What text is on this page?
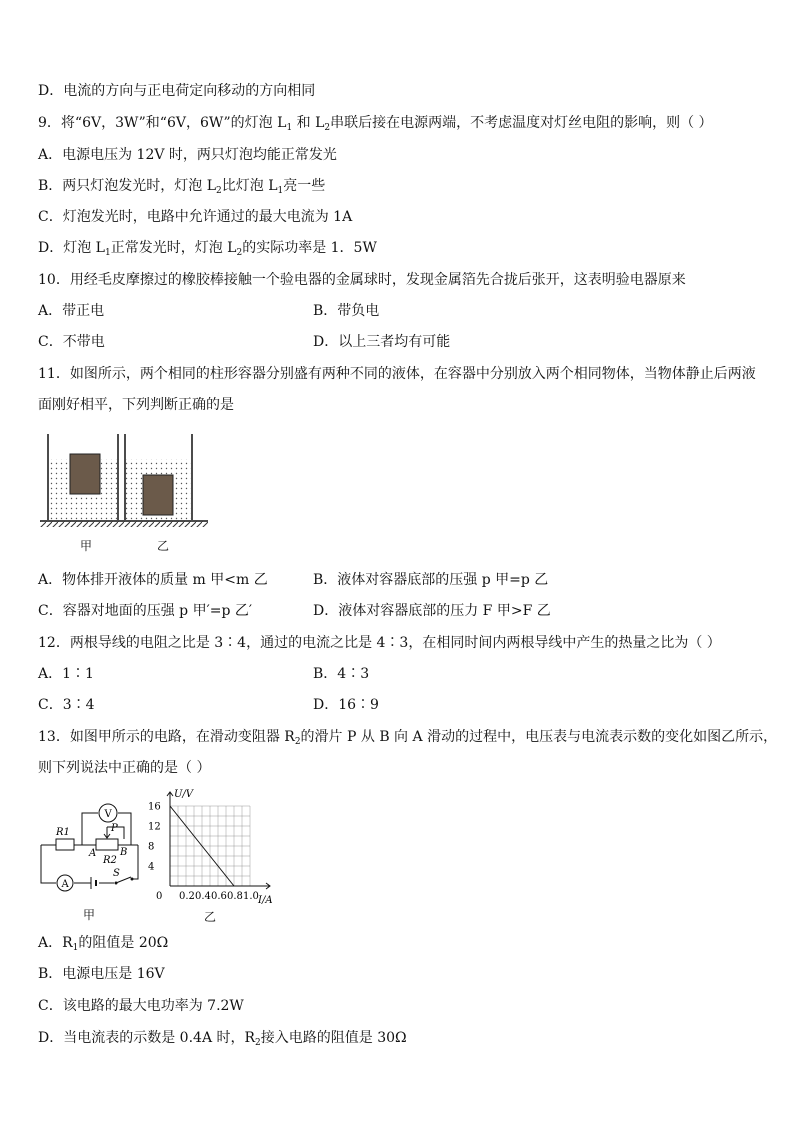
D．电流的方向与正电荷定向移动的方向相同
9．将“6V，3W”和“6V，6W”的灯泡 $L_1$ 和 $L_2$串联后接在电源两端，不考虑温度对灯丝电阻的影响，则（ ）
A．电源电压为 12V 时，两只灯泡均能正常发光
B．两只灯泡发光时，灯泡 $L_2$比灯泡 $L_1$亮一些
C．灯泡发光时，电路中允许通过的最大电流为 1A
D．灯泡 $L_1$正常发光时，灯泡 $L_2$的实际功率是 1．5W
10．用经毛皮摩擦过的橡胶棒接触一个验电器的金属球时，发现金属箔先合拢后张开，这表明验电器原来
A．带正电	B．带负电
C．不带电	D．以上三者均有可能
11．如图所示，两个相同的柱形容器分别盛有两种不同的液体，在容器中分别放入两个相同物体，当物体静止后两液
面刚好相平，下列判断正确的是
甲	乙
A．物体排开液体的质量 m 甲<m 乙	B．液体对容器底部的压强 p 甲=p 乙
C．容器对地面的压强 p 甲′=p 乙′	D．液体对容器底部的压力 F 甲>F 乙
12．两根导线的电阻之比是 3∶4，通过的电流之比是 4∶3，在相同时间内两根导线中产生的热量之比为（ ）
A．1∶1	B．4∶3
C．3∶4	D．16∶9
13．如图甲所示的电路，在滑动变阻器 $R_2$的滑片 P 从 B 向 A 滑动的过程中，电压表与电流表示数的变化如图乙所示，
则下列说法中正确的是（ ）
R1
R2
P
A B
S
V
A
甲
U/V
I/A
0
16
12
8
4
0.2 0.4 0.6 0.8 1.0
乙
A．$R_1$的阻值是 20Ω
B．电源电压是 16V
C．该电路的最大电功率为 7.2W
D．当电流表的示数是 0.4A 时，$R_2$接入电路的阻值是 30Ω
